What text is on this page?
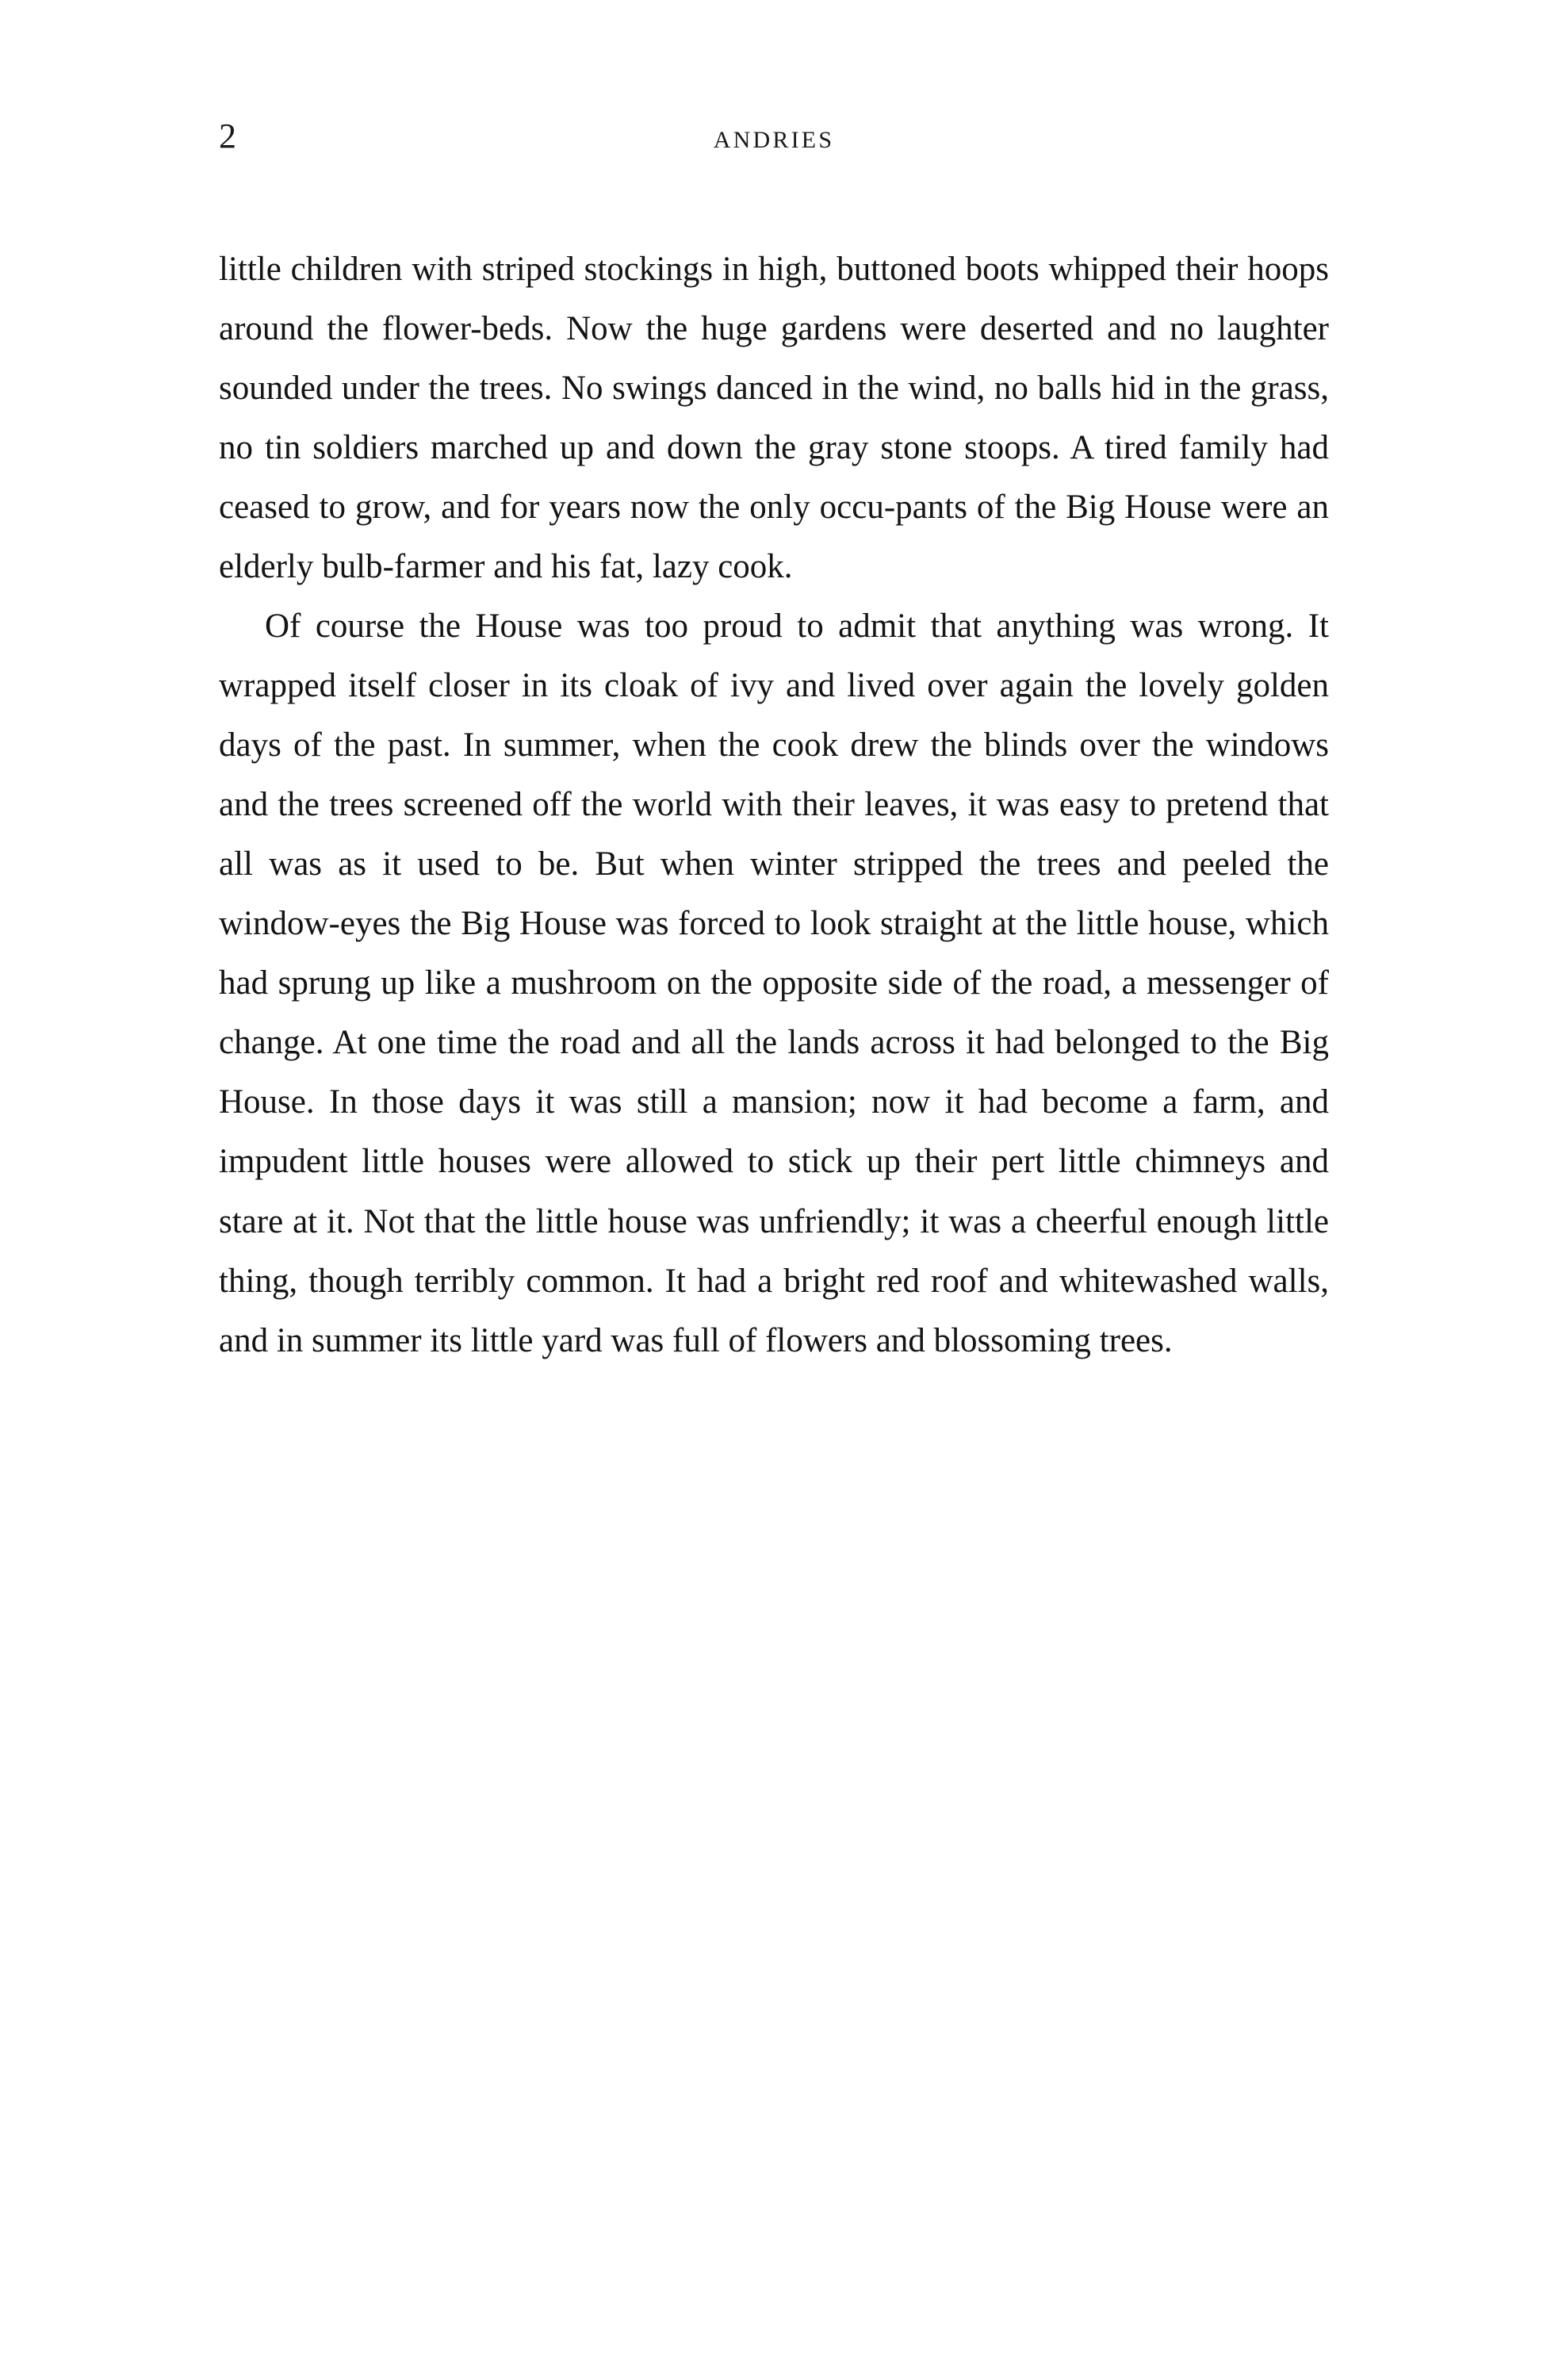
2	ANDRIES

little children with striped stockings in high, buttoned boots whipped their hoops around the flower-beds. Now the huge gardens were deserted and no laughter sounded under the trees. No swings danced in the wind, no balls hid in the grass, no tin soldiers marched up and down the gray stone stoops. A tired family had ceased to grow, and for years now the only occu-pants of the Big House were an elderly bulb-farmer and his fat, lazy cook.

Of course the House was too proud to admit that anything was wrong. It wrapped itself closer in its cloak of ivy and lived over again the lovely golden days of the past. In summer, when the cook drew the blinds over the windows and the trees screened off the world with their leaves, it was easy to pretend that all was as it used to be. But when winter stripped the trees and peeled the window-eyes the Big House was forced to look straight at the little house, which had sprung up like a mushroom on the opposite side of the road, a messenger of change. At one time the road and all the lands across it had belonged to the Big House. In those days it was still a mansion; now it had become a farm, and impudent little houses were allowed to stick up their pert little chimneys and stare at it. Not that the little house was unfriendly; it was a cheerful enough little thing, though terribly common. It had a bright red roof and whitewashed walls, and in summer its little yard was full of flowers and blossoming trees.
